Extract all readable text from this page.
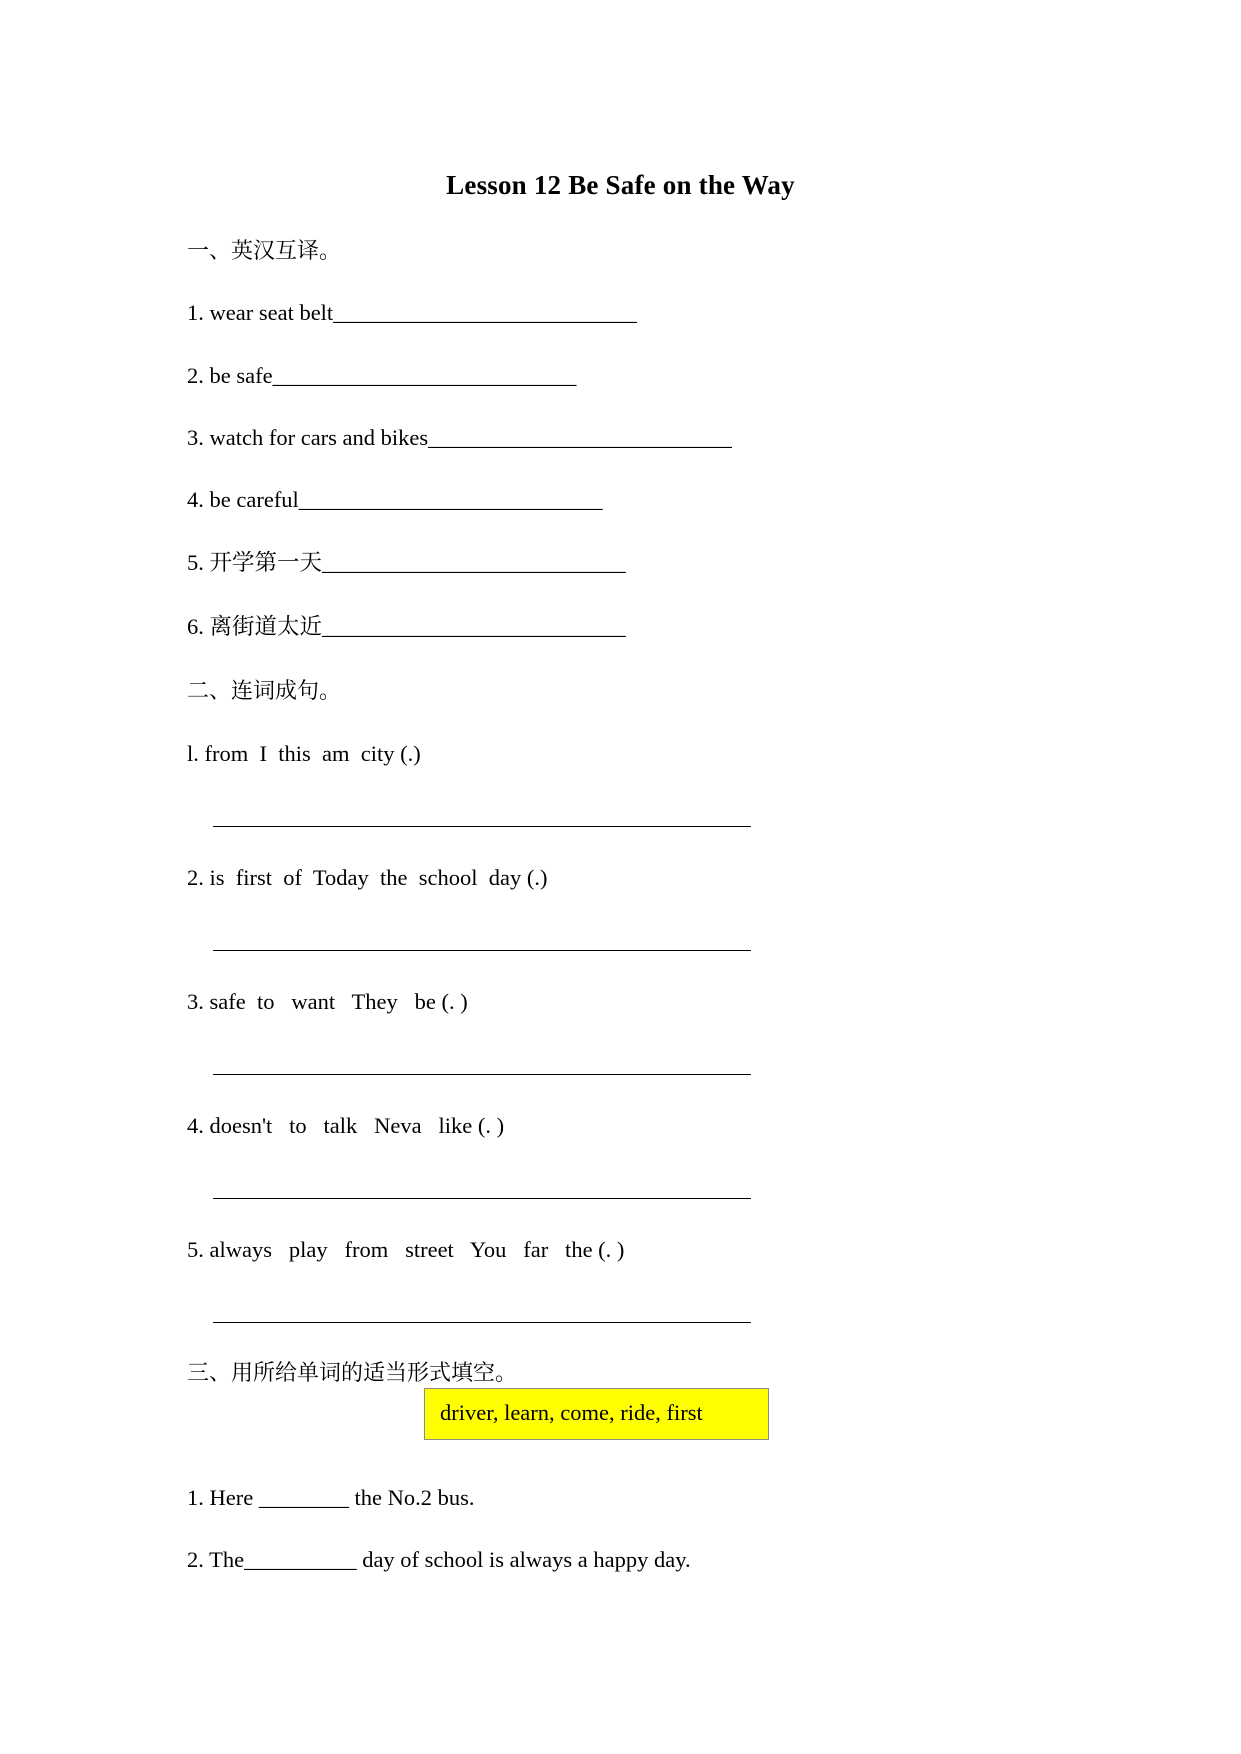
Lesson 12 Be Safe on the Way
一、英汉互译。
1. wear seat belt___________________________
2. be safe___________________________
3. watch for cars and bikes___________________________
4. be careful___________________________
5. 开学第一天___________________________
6. 离街道太近___________________________
二、连词成句。
l. from  I  this  am  city (.)
2. is  first  of  Today  the  school  day (.)
3. safe  to   want   They   be (. )
4. doesn't   to   talk   Neva   like (. )
5. always   play   from   street   You   far   the (. )
三、用所给单词的适当形式填空。
driver, learn, come, ride, first
1. Here ________ the No.2 bus.
2. The__________ day of school is always a happy day.
